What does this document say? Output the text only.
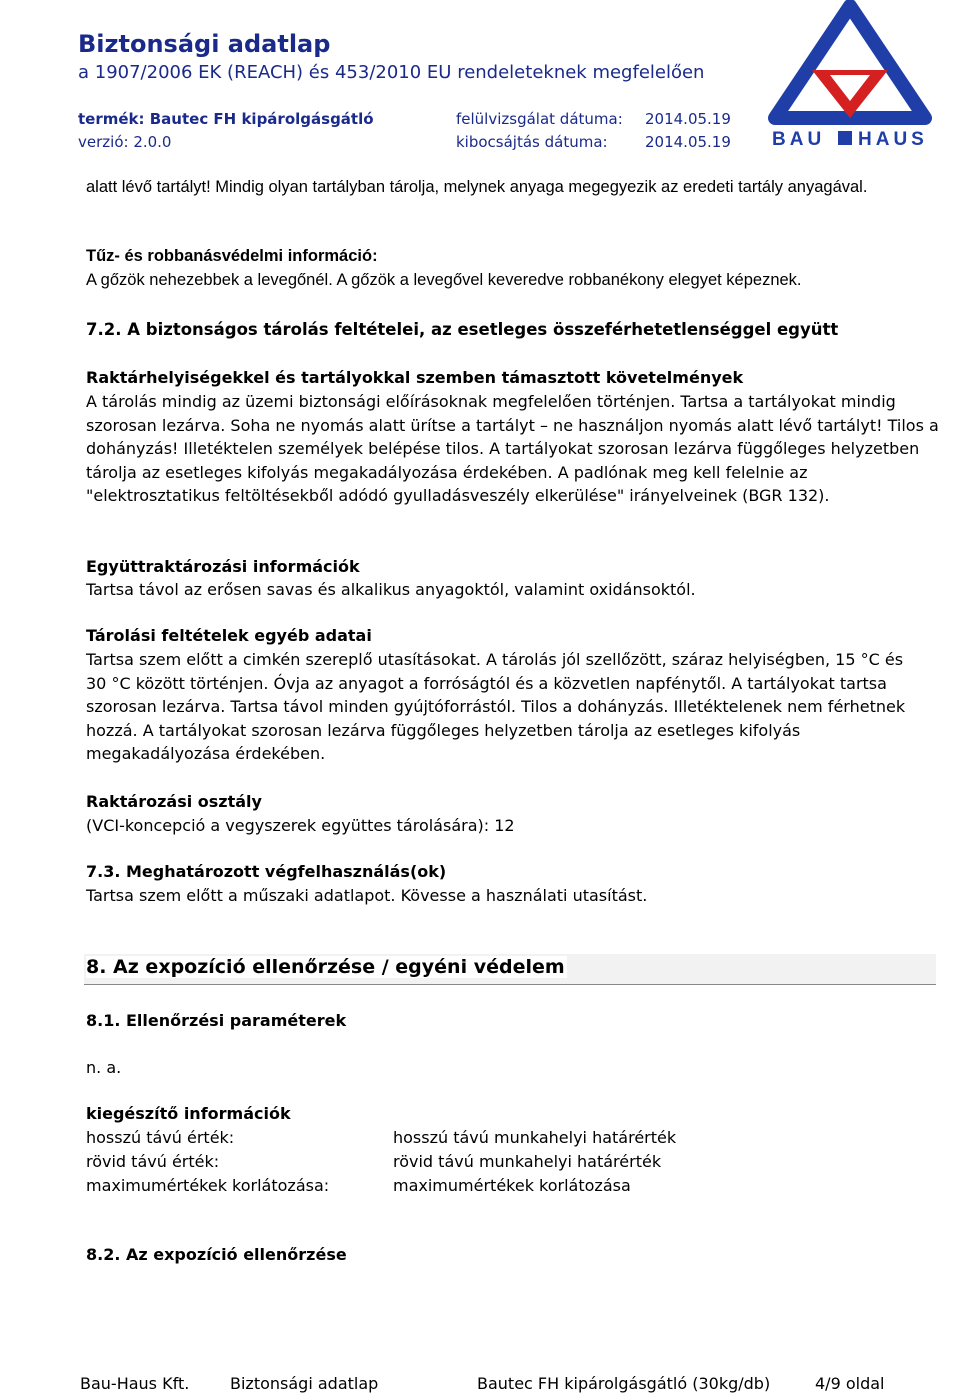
Biztonsági adatlap
a 1907/2006 EK (REACH) és 453/2010 EU rendeleteknek megfelelően
termék: Bautec FH kipárolgásgátló
verzió: 2.0.0
felülvizsgálat dátuma: 2014.05.19
kibocsájtás dátuma: 2014.05.19 BAU HAUS
alatt lévő tartályt! Mindig olyan tartályban tárolja, melynek anyaga megegyezik az eredeti tartály anyagával.
Tűz- és robbanásvédelmi információ:
A gőzök nehezebbek a levegőnél. A gőzök a levegővel keveredve robbanékony elegyet képeznek.
7.2. A biztonságos tárolás feltételei, az esetleges összeférhetetlenséggel együtt
Raktárhelyiségekkel és tartályokkal szemben támasztott követelmények
A tárolás mindig az üzemi biztonsági előírásoknak megfelelően történjen. Tartsa a tartályokat mindig szorosan lezárva. Soha ne nyomás alatt ürítse a tartályt – ne használjon nyomás alatt lévő tartályt! Tilos a dohányzás! Illetéktelen személyek belépése tilos. A tartályokat szorosan lezárva függőleges helyzetben tárolja az esetleges kifolyás megakadályozása érdekében. A padlónak meg kell felelnie az "elektrosztatikus feltöltésekből adódó gyulladásveszély elkerülése" irányelveinek (BGR 132).
Együttraktározási információk
Tartsa távol az erősen savas és alkalikus anyagoktól, valamint oxidánsoktól.
Tárolási feltételek egyéb adatai
Tartsa szem előtt a cimkén szereplő utasításokat. A tárolás jól szellőzött, száraz helyiségben, 15 °C és 30 °C között történjen. Óvja az anyagot a forróságtól és a közvetlen napfénytől. A tartályokat tartsa szorosan lezárva. Tartsa távol minden gyújtóforrástól. Tilos a dohányzás. Illetéktelenek nem férhetnek hozzá. A tartályokat szorosan lezárva függőleges helyzetben tárolja az esetleges kifolyás megakadályozása érdekében.
Raktározási osztály
(VCI-koncepció a vegyszerek együttes tárolására): 12
7.3. Meghatározott végfelhasználás(ok)
Tartsa szem előtt a műszaki adatlapot. Kövesse a használati utasítást.
8. Az expozíció ellenőrzése / egyéni védelem
8.1. Ellenőrzési paraméterek
n. a.
kiegészítő információk
hosszú távú érték:	hosszú távú munkahelyi határérték
rövid távú érték:	rövid távú munkahelyi határérték
maximumértékek korlátozása:	maximumértékek korlátozása
8.2. Az expozíció ellenőrzése
Bau-Haus Kft.	Biztonsági adatlap	Bautec FH kipárolgásgátló (30kg/db)	4/9 oldal
